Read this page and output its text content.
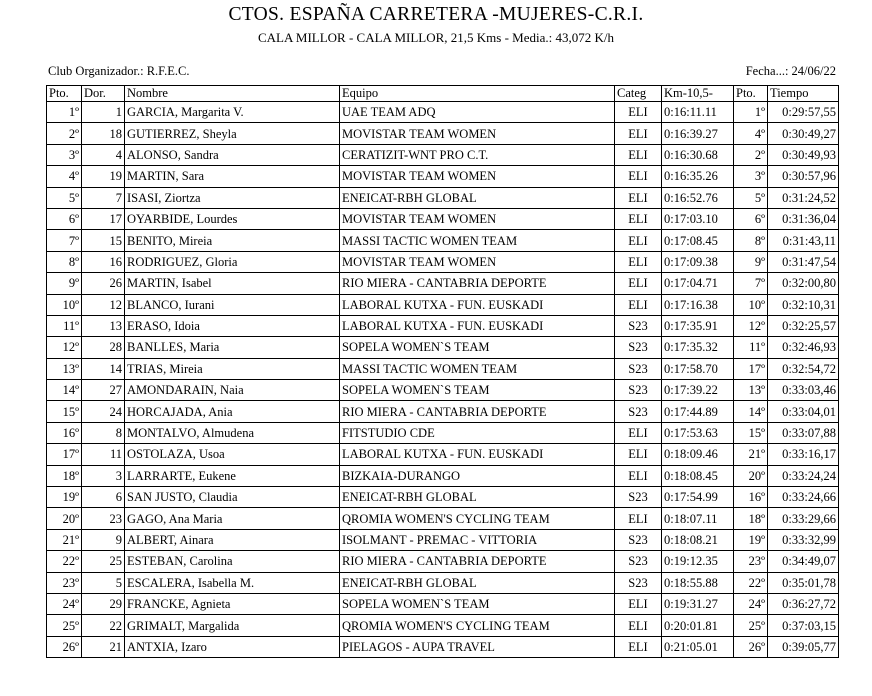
CTOS. ESPAÑA CARRETERA -MUJERES-C.R.I.
CALA MILLOR - CALA MILLOR, 21,5 Kms - Media.: 43,072 K/h
Club Organizador.: R.F.E.C.	Fecha...: 24/06/22
Pto.	Dor.	Nombre	Equipo	Categ	Km-10,5-	Pto.	Tiempo
1º	1	GARCIA, Margarita V.	UAE TEAM ADQ	ELI	0:16:11.11	1º	0:29:57,55
2º	18	GUTIERREZ, Sheyla	MOVISTAR TEAM WOMEN	ELI	0:16:39.27	4º	0:30:49,27
3º	4	ALONSO, Sandra	CERATIZIT-WNT PRO C.T.	ELI	0:16:30.68	2º	0:30:49,93
4º	19	MARTIN, Sara	MOVISTAR TEAM WOMEN	ELI	0:16:35.26	3º	0:30:57,96
5º	7	ISASI, Ziortza	ENEICAT-RBH GLOBAL	ELI	0:16:52.76	5º	0:31:24,52
6º	17	OYARBIDE, Lourdes	MOVISTAR TEAM WOMEN	ELI	0:17:03.10	6º	0:31:36,04
7º	15	BENITO, Mireia	MASSI TACTIC WOMEN TEAM	ELI	0:17:08.45	8º	0:31:43,11
8º	16	RODRIGUEZ, Gloria	MOVISTAR TEAM WOMEN	ELI	0:17:09.38	9º	0:31:47,54
9º	26	MARTIN, Isabel	RIO MIERA - CANTABRIA DEPORTE	ELI	0:17:04.71	7º	0:32:00,80
10º	12	BLANCO, Iurani	LABORAL KUTXA - FUN. EUSKADI	ELI	0:17:16.38	10º	0:32:10,31
11º	13	ERASO, Idoia	LABORAL KUTXA - FUN. EUSKADI	S23	0:17:35.91	12º	0:32:25,57
12º	28	BANLLES, Maria	SOPELA WOMEN`S TEAM	S23	0:17:35.32	11º	0:32:46,93
13º	14	TRIAS, Mireia	MASSI TACTIC WOMEN TEAM	S23	0:17:58.70	17º	0:32:54,72
14º	27	AMONDARAIN, Naia	SOPELA WOMEN`S TEAM	S23	0:17:39.22	13º	0:33:03,46
15º	24	HORCAJADA, Ania	RIO MIERA - CANTABRIA DEPORTE	S23	0:17:44.89	14º	0:33:04,01
16º	8	MONTALVO, Almudena	FITSTUDIO CDE	ELI	0:17:53.63	15º	0:33:07,88
17º	11	OSTOLAZA, Usoa	LABORAL KUTXA - FUN. EUSKADI	ELI	0:18:09.46	21º	0:33:16,17
18º	3	LARRARTE, Eukene	BIZKAIA-DURANGO	ELI	0:18:08.45	20º	0:33:24,24
19º	6	SAN JUSTO, Claudia	ENEICAT-RBH GLOBAL	S23	0:17:54.99	16º	0:33:24,66
20º	23	GAGO, Ana Maria	QROMIA WOMEN'S CYCLING TEAM	ELI	0:18:07.11	18º	0:33:29,66
21º	9	ALBERT, Ainara	ISOLMANT - PREMAC - VITTORIA	S23	0:18:08.21	19º	0:33:32,99
22º	25	ESTEBAN, Carolina	RIO MIERA - CANTABRIA DEPORTE	S23	0:19:12.35	23º	0:34:49,07
23º	5	ESCALERA, Isabella M.	ENEICAT-RBH GLOBAL	S23	0:18:55.88	22º	0:35:01,78
24º	29	FRANCKE, Agnieta	SOPELA WOMEN`S TEAM	ELI	0:19:31.27	24º	0:36:27,72
25º	22	GRIMALT, Margalida	QROMIA WOMEN'S CYCLING TEAM	ELI	0:20:01.81	25º	0:37:03,15
26º	21	ANTXIA, Izaro	PIELAGOS - AUPA TRAVEL	ELI	0:21:05.01	26º	0:39:05,77
